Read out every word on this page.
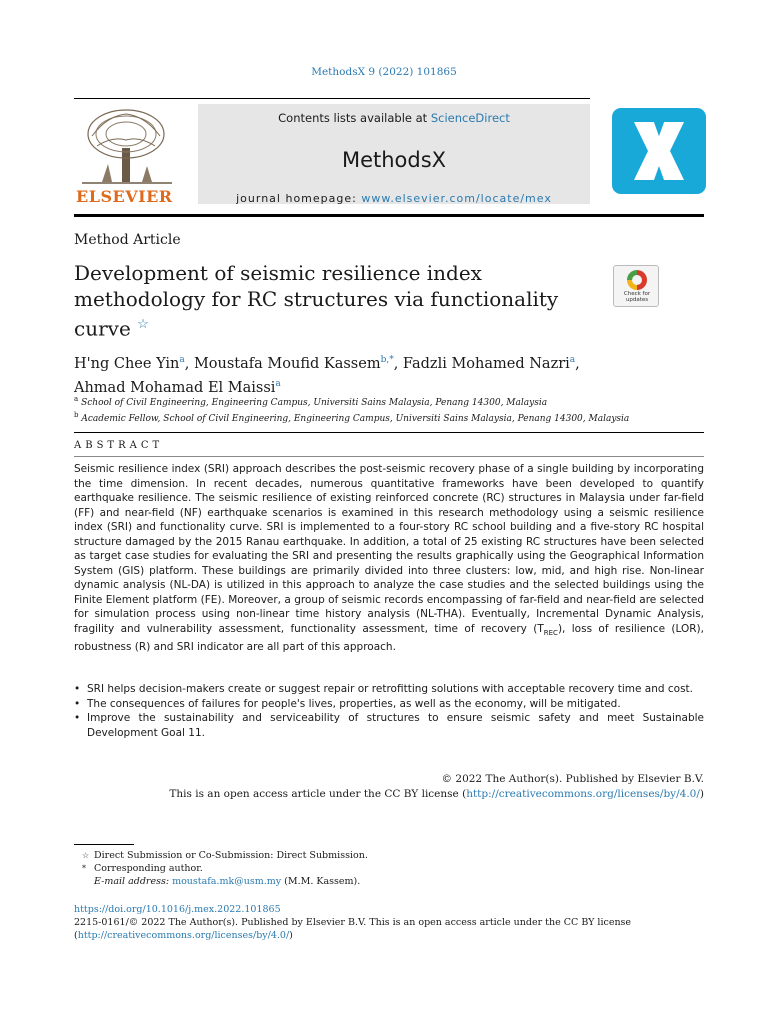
MethodsX 9 (2022) 101865
ELSEVIER
Contents lists available at ScienceDirect
MethodsX
journal homepage: www.elsevier.com/locate/mex
Method Article
Development of seismic resilience index methodology for RC structures via functionality curve ☆
Check for
updates
H'ng Chee Yin$^a$, Moustafa Moufid Kassem$^{b,*}$, Fadzli Mohamed Nazri$^a$,
Ahmad Mohamad El Maissi$^a$
$^a$ School of Civil Engineering, Engineering Campus, Universiti Sains Malaysia, Penang 14300, Malaysia
$^b$ Academic Fellow, School of Civil Engineering, Engineering Campus, Universiti Sains Malaysia, Penang 14300, Malaysia
ABSTRACT
Seismic resilience index (SRI) approach describes the post-seismic recovery phase of a single building by incorporating the time dimension. In recent decades, numerous quantitative frameworks have been developed to quantify earthquake resilience. The seismic resilience of existing reinforced concrete (RC) structures in Malaysia under far-field (FF) and near-field (NF) earthquake scenarios is examined in this research methodology using a seismic resilience index (SRI) and functionality curve. SRI is implemented to a four-story RC school building and a five-story RC hospital structure damaged by the 2015 Ranau earthquake. In addition, a total of 25 existing RC structures have been selected as target case studies for evaluating the SRI and presenting the results graphically using the Geographical Information System (GIS) platform. These buildings are primarily divided into three clusters: low, mid, and high rise. Non-linear dynamic analysis (NL-DA) is utilized in this approach to analyze the case studies and the selected buildings using the Finite Element platform (FE). Moreover, a group of seismic records encompassing of far-field and near-field are selected for simulation process using non-linear time history analysis (NL-THA). Eventually, Incremental Dynamic Analysis, fragility and vulnerability assessment, functionality assessment, time of recovery $(T_{REC})$, loss of resilience (LOR), robustness (R) and SRI indicator are all part of this approach.
• SRI helps decision-makers create or suggest repair or retrofitting solutions with acceptable recovery time and cost.
• The consequences of failures for people's lives, properties, as well as the economy, will be mitigated.
• Improve the sustainability and serviceability of structures to ensure seismic safety and meet Sustainable Development Goal 11.
© 2022 The Author(s). Published by Elsevier B.V.
This is an open access article under the CC BY license (http://creativecommons.org/licenses/by/4.0/)
☆ Direct Submission or Co-Submission: Direct Submission.
* Corresponding author.
E-mail address: moustafa.mk@usm.my (M.M. Kassem).
https://doi.org/10.1016/j.mex.2022.101865
2215-0161/© 2022 The Author(s). Published by Elsevier B.V. This is an open access article under the CC BY license
(http://creativecommons.org/licenses/by/4.0/)
